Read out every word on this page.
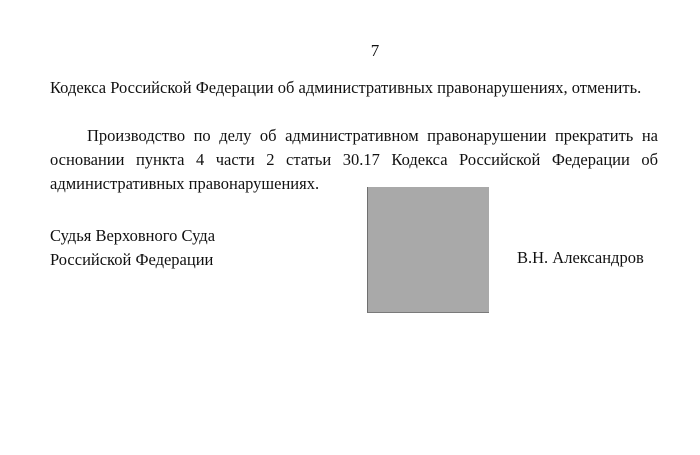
7

Кодекса Российской Федерации об административных правонарушениях, отменить.

Производство по делу об административном правонарушении прекратить на основании пункта 4 части 2 статьи 30.17 Кодекса Российской Федерации об административных правонарушениях.

Судья Верховного Суда
Российской Федерации	В.Н. Александров
